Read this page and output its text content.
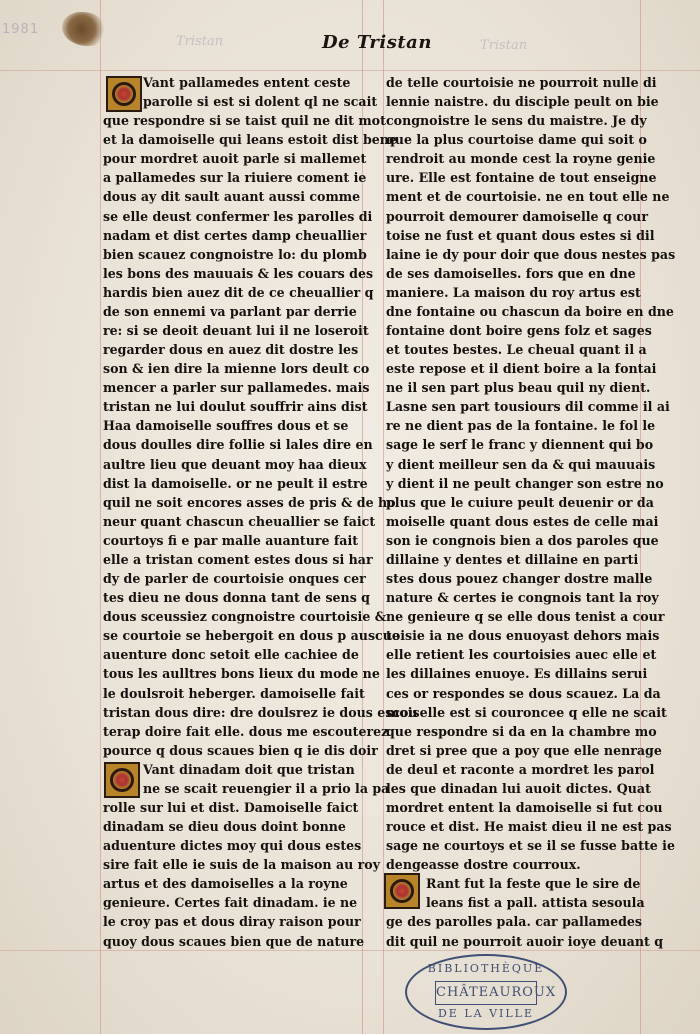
1981
Tristan	Tristan
De Tristan
Vant pallamedes entent ceste
parolle si est si dolent ql ne scait
que respondre si se taist quil ne dit mot
et la damoiselle qui leans estoit dist bene
pour mordret auoit parle si mallemet
a pallamedes sur la riuiere coment ie
dous ay dit sault auant aussi comme
se elle deust confermer les parolles di
nadam et dist certes damp cheuallier
bien scauez congnoistre lo: du plomb
les bons des mauuais & les couars des
hardis bien auez dit de ce cheuallier q
de son ennemi va parlant par derrie
re: si se deoit deuant lui il ne loseroit
regarder dous en auez dit dostre les
son & ien dire la mienne lors deult co
mencer a parler sur pallamedes. mais
tristan ne lui doulut souffrir ains dist
Haa damoiselle souffres dous et se
dous doulles dire follie si lales dire en
aultre lieu que deuant moy haa dieux
dist la damoiselle. or ne peult il estre
quil ne soit encores asses de pris & de ho
neur quant chascun cheuallier se faict
courtoys fi e par malle auanture fait
elle a tristan coment estes dous si har
dy de parler de courtoisie onques cer
tes dieu ne dous donna tant de sens q
dous sceussiez congnoistre courtoisie &
se courtoie se hebergoit en dous p auscue
auenture donc setoit elle cachiee de
tous les aulltres bons lieux du mode ne
le doulsroit heberger. damoiselle fait
tristan dous dire: dre doulsrez ie dous escou
terap doire fait elle. dous me escouterez
pource q dous scaues bien q ie dis doir
Vant dinadam doit que tristan
ne se scait reuengier il a prio la pa
rolle sur lui et dist. Damoiselle faict
dinadam se dieu dous doint bonne
aduenture dictes moy qui dous estes
sire fait elle ie suis de la maison au roy
artus et des damoiselles a la royne
genieure. Certes fait dinadam. ie ne
le croy pas et dous diray raison pour
quoy dous scaues bien que de nature
de telle courtoisie ne pourroit nulle di
lennie naistre. du disciple peult on bie
congnoistre le sens du maistre. Je dy
que la plus courtoise dame qui soit o
rendroit au monde cest la royne genie
ure. Elle est fontaine de tout enseigne
ment et de courtoisie. ne en tout elle ne
pourroit demourer damoiselle q cour
toise ne fust et quant dous estes si dil
laine ie dy pour doir que dous nestes pas
de ses damoiselles. fors que en dne
maniere. La maison du roy artus est
dne fontaine ou chascun da boire en dne
fontaine dont boire gens folz et sages
et toutes bestes. Le cheual quant il a
este repose et il dient boire a la fontai
ne il sen part plus beau quil ny dient.
Lasne sen part tousiours dil comme il ai
re ne dient pas de la fontaine. le fol le
sage le serf le franc y diennent qui bo
y dient meilleur sen da & qui mauuais
y dient il ne peult changer son estre no
plus que le cuiure peult deuenir or da
moiselle quant dous estes de celle mai
son ie congnois bien a dos paroles que
dillaine y dentes et dillaine en parti
stes dous pouez changer dostre malle
nature & certes ie congnois tant la roy
ne genieure q se elle dous tenist a cour
toisie ia ne dous enuoyast dehors mais
elle retient les courtoisies auec elle et
les dillaines enuoye. Es dillains serui
ces or respondes se dous scauez. La da
moiselle est si couroncee q elle ne scait
que respondre si da en la chambre mo
dret si pree que a poy que elle nenrage
de deul et raconte a mordret les parol
les que dinadan lui auoit dictes. Quat
mordret entent la damoiselle si fut cou
rouce et dist. He maist dieu il ne est pas
sage ne courtoys et se il se fusse batte ie
dengeasse dostre courroux.
Rant fut la feste que le sire de
leans fist a pall. attista sesoula
ge des parolles pala. car pallamedes
dit quil ne pourroit auoir ioye deuant q
BIBLIOTHÈQUE
CHÂTEAUROUX
DE LA VILLE
